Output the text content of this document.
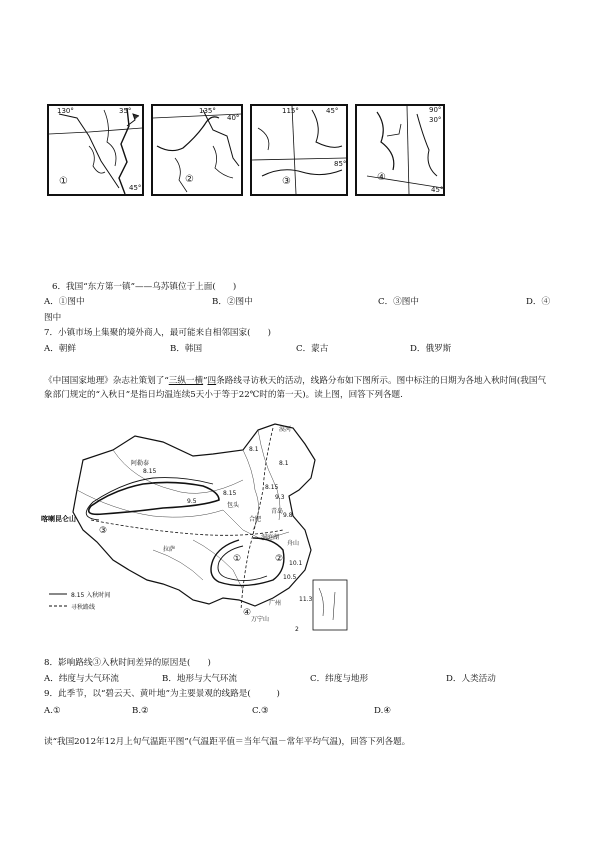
130°	35°
45°
①
135°
40°
②
115°	45°
85°
③
90°
30°
45°
④
6．我国“东方第一镇”——乌苏镇位于上面(　　)
A．①图中	B．②图中	C．③图中	D．④
图中
7．小镇市场上集聚的境外商人，最可能来自相邻国家(　　)
A．朝鲜	B．韩国	C．蒙古	D．俄罗斯
《中国国家地理》杂志社策划了“三纵一横”四条路线寻访秋天的活动，线路分布如下图所示。图中标注的日期为各地入秋时间(我国气象部门规定的“入秋日”是指日均温连续5天小于等于22℃时的第一天)。读上图，回答下列各题.
喀喇昆仑山
漠河
阿勒泰
包头
拉萨
合肥
青岛
洞庭湖
舟山
广州
万宁山
8.1
8.1
8.15
8.15
8.15
9.5
9.3
9.8
10.1
10.5
11.3
①	②
③
④
8.15 入秋时间
寻秋路线
2
8．影响路线③入秋时间差异的原因是(　　)
A．纬度与大气环流	B．地形与大气环流	C．纬度与地形	D．人类活动
9．此季节，以“碧云天、黄叶地”为主要景观的线路是(　　　)
A.①	B.②	C.③	D.④
读“我国2012年12月上旬气温距平图”(气温距平值＝当年气温－常年平均气温)，回答下列各题。
